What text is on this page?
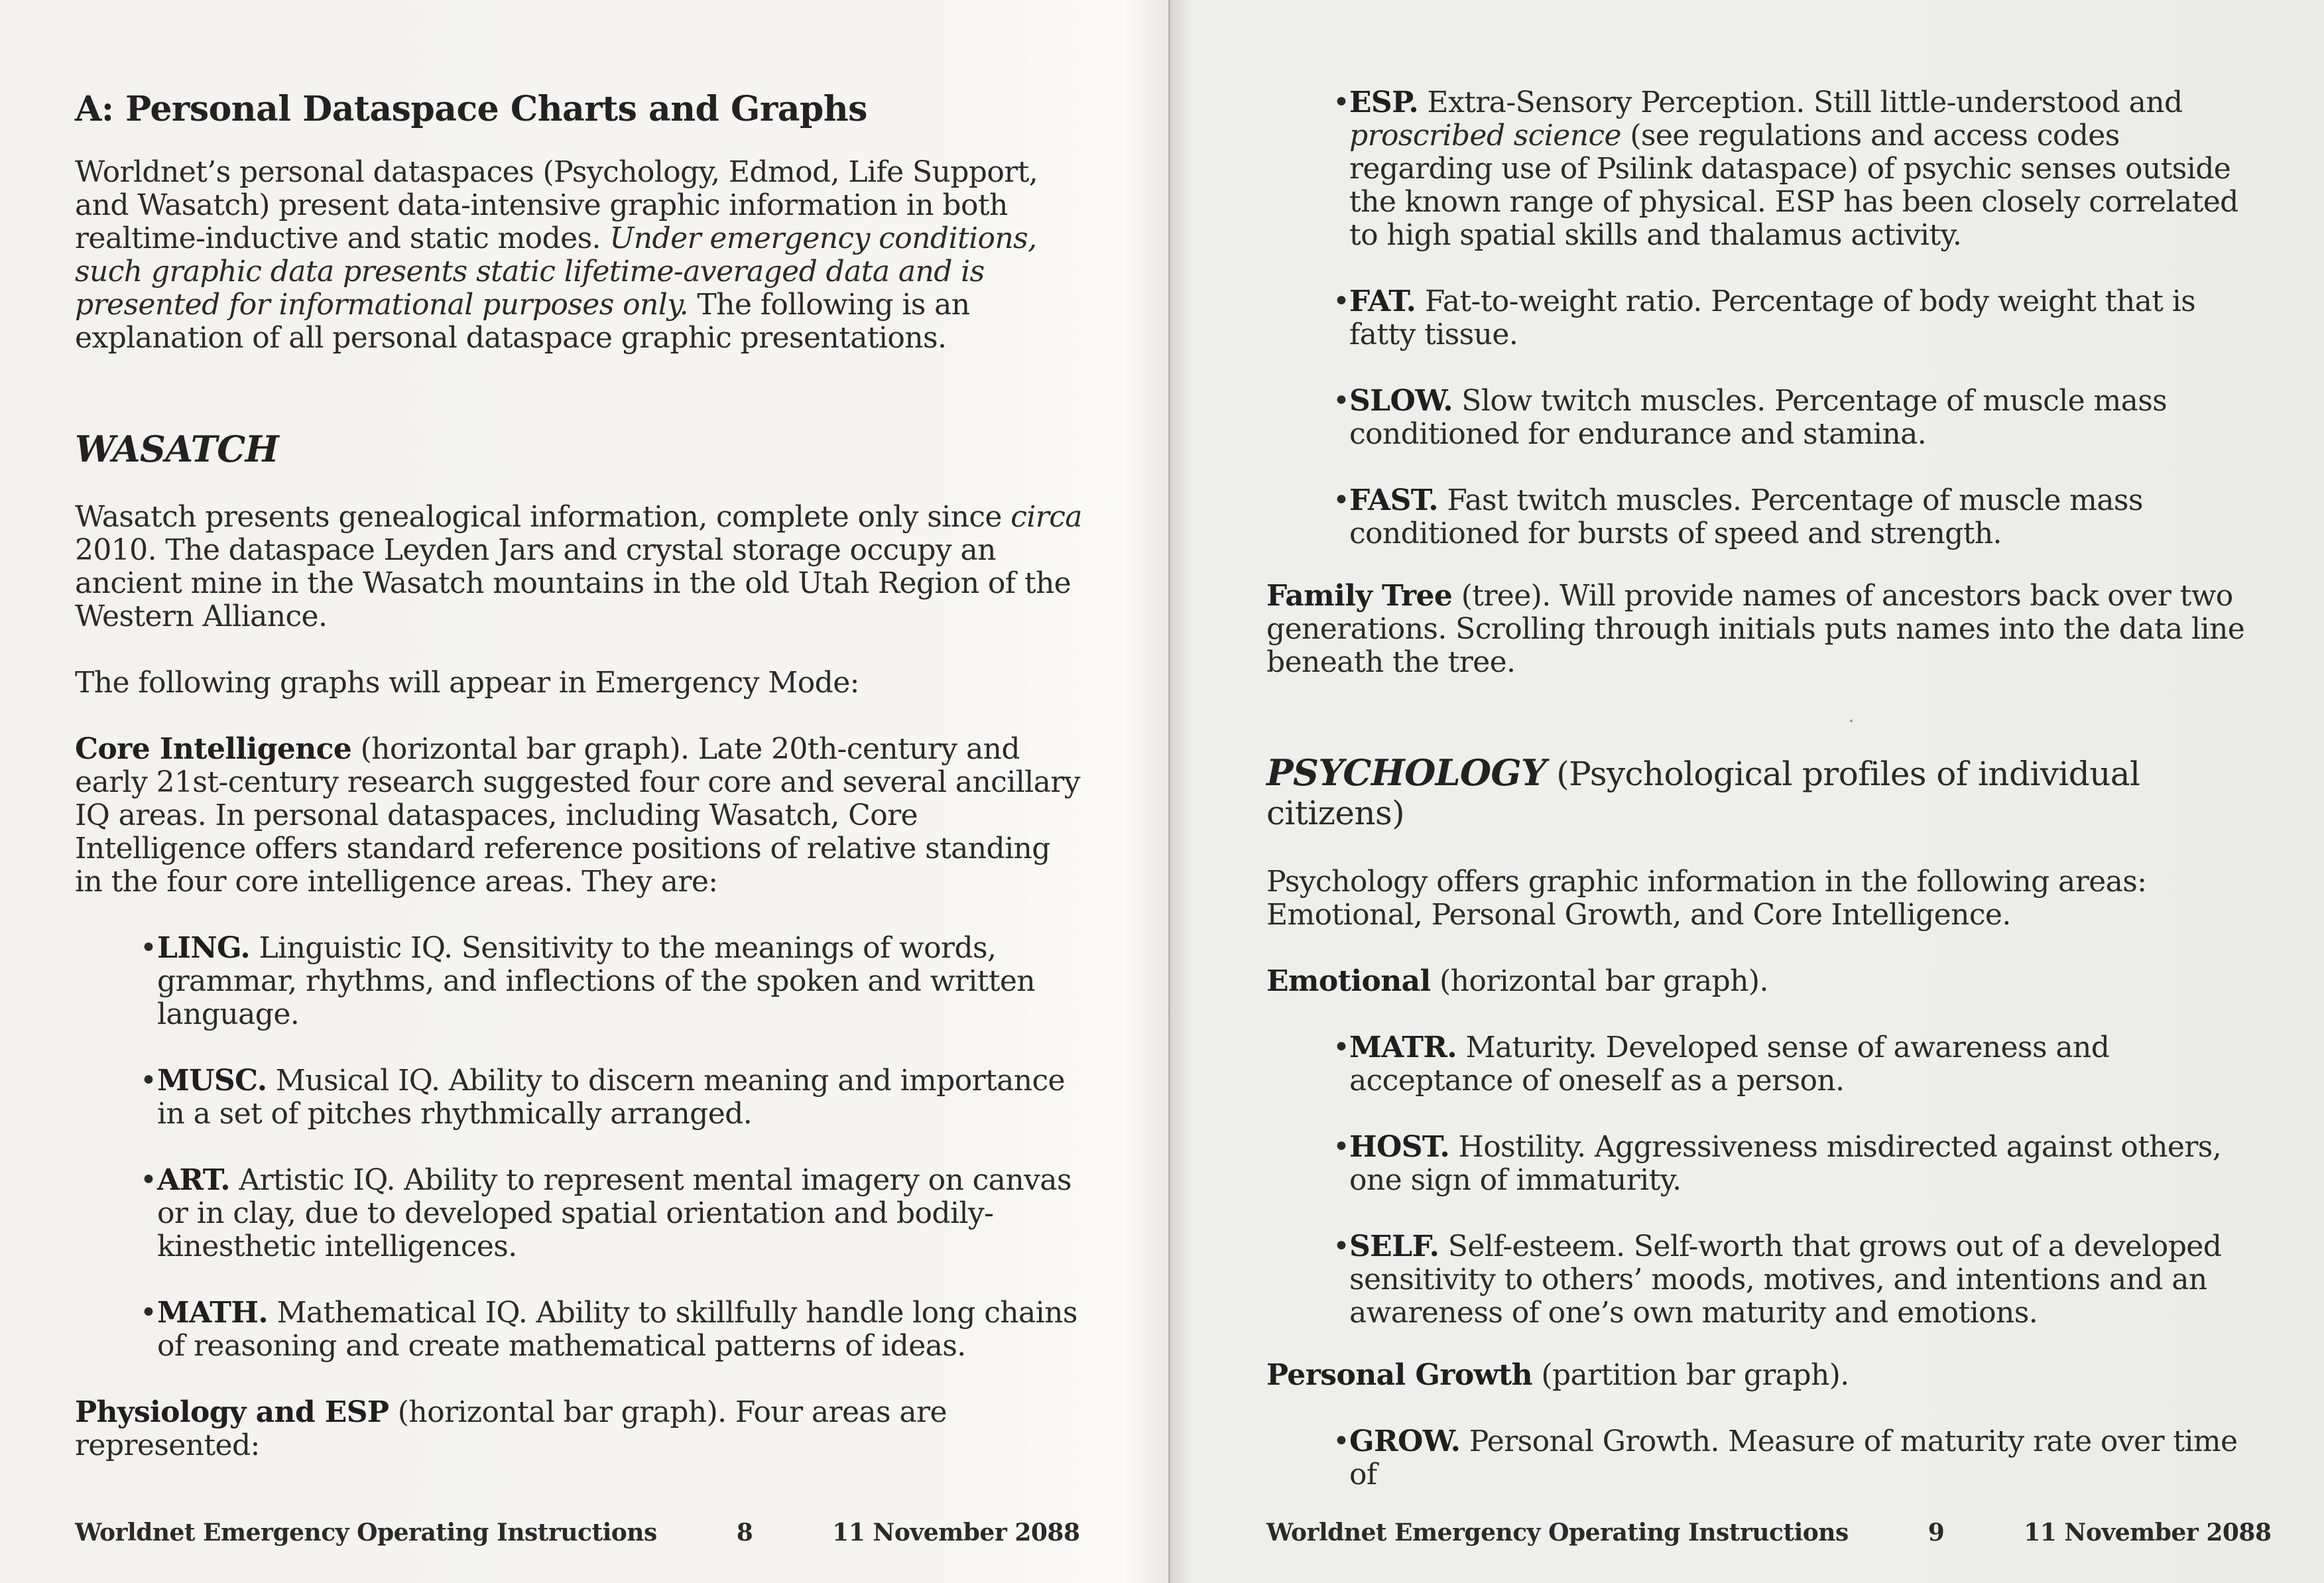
A: Personal Dataspace Charts and Graphs

Worldnet’s personal dataspaces (Psychology, Edmod, Life Support, and Wasatch) present data-intensive graphic information in both realtime-inductive and static modes. Under emergency conditions, such graphic data presents static lifetime-averaged data and is presented for informational purposes only. The following is an explanation of all personal dataspace graphic presentations.

WASATCH

Wasatch presents genealogical information, complete only since circa 2010. The dataspace Leyden Jars and crystal storage occupy an ancient mine in the Wasatch mountains in the old Utah Region of the Western Alliance.

The following graphs will appear in Emergency Mode:

Core Intelligence (horizontal bar graph). Late 20th-century and early 21st-century research suggested four core and several ancillary IQ areas. In personal dataspaces, including Wasatch, Core Intelligence offers standard reference positions of relative standing in the four core intelligence areas. They are:

• LING. Linguistic IQ. Sensitivity to the meanings of words, grammar, rhythms, and inflections of the spoken and written language.
• MUSC. Musical IQ. Ability to discern meaning and importance in a set of pitches rhythmically arranged.
• ART. Artistic IQ. Ability to represent mental imagery on canvas or in clay, due to developed spatial orientation and bodily-kinesthetic intelligences.
• MATH. Mathematical IQ. Ability to skillfully handle long chains of reasoning and create mathematical patterns of ideas.

Physiology and ESP (horizontal bar graph). Four areas are represented:

Worldnet Emergency Operating Instructions	8	11 November 2088
• ESP. Extra-Sensory Perception. Still little-understood and proscribed science (see regulations and access codes regarding use of Psilink dataspace) of psychic senses outside the known range of physical. ESP has been closely correlated to high spatial skills and thalamus activity.
• FAT. Fat-to-weight ratio. Percentage of body weight that is fatty tissue.
• SLOW. Slow twitch muscles. Percentage of muscle mass conditioned for endurance and stamina.
• FAST. Fast twitch muscles. Percentage of muscle mass conditioned for bursts of speed and strength.

Family Tree (tree). Will provide names of ancestors back over two generations. Scrolling through initials puts names into the data line beneath the tree.

PSYCHOLOGY (Psychological profiles of individual citizens)

Psychology offers graphic information in the following areas: Emotional, Personal Growth, and Core Intelligence.

Emotional (horizontal bar graph).

• MATR. Maturity. Developed sense of awareness and acceptance of oneself as a person.
• HOST. Hostility. Aggressiveness misdirected against others, one sign of immaturity.
• SELF. Self-esteem. Self-worth that grows out of a developed sensitivity to others’ moods, motives, and intentions and an awareness of one’s own maturity and emotions.

Personal Growth (partition bar graph).

• GROW. Personal Growth. Measure of maturity rate over time of
Worldnet Emergency Operating Instructions	9	11 November 2088
